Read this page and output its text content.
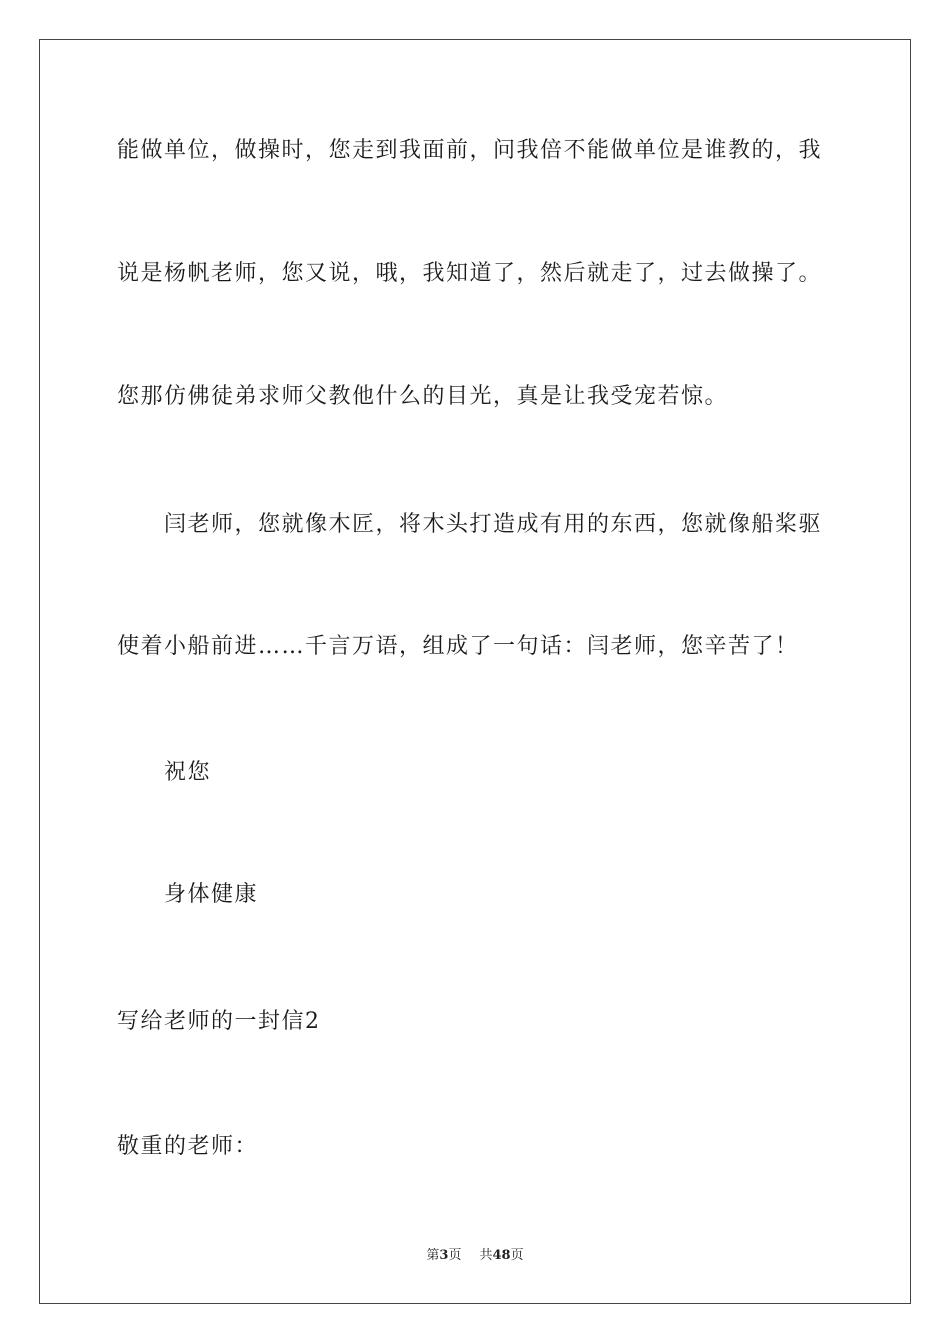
能做单位，做操时，您走到我面前，问我倍不能做单位是谁教的，我
说是杨帆老师，您又说，哦，我知道了，然后就走了，过去做操了。
您那仿佛徒弟求师父教他什么的目光，真是让我受宠若惊。
闫老师，您就像木匠，将木头打造成有用的东西，您就像船桨驱
使着小船前进……千言万语，组成了一句话：闫老师，您辛苦了！
祝您
身体健康
写给老师的一封信2
敬重的老师：
第3页 共48页
